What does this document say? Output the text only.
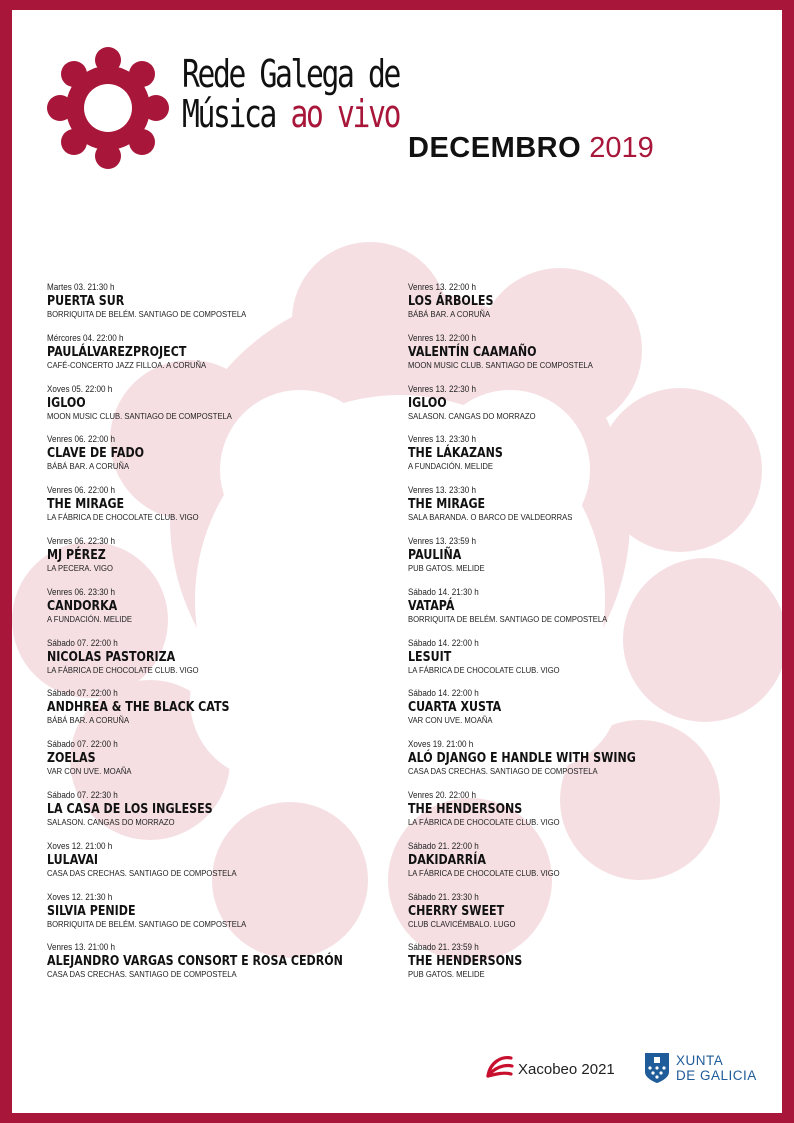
Rede Galega de
Música ao vivo
DECEMBRO 2019
Martes 03. 21:30 h
PUERTA SUR
BORRIQUITA DE BELÉM. SANTIAGO DE COMPOSTELA
Mércores 04. 22:00 h
PAULÁLVAREZPROJECT
CAFÉ-CONCERTO JAZZ FILLOA. A CORUÑA
Xoves 05. 22:00 h
IGLOO
MOON MUSIC CLUB. SANTIAGO DE COMPOSTELA
Venres 06. 22:00 h
CLAVE DE FADO
BÁBÁ BAR. A CORUÑA
Venres 06. 22:00 h
THE MIRAGE
LA FÁBRICA DE CHOCOLATE CLUB. VIGO
Venres 06. 22:30 h
MJ PÉREZ
LA PECERA. VIGO
Venres 06. 23:30 h
CANDORKA
A FUNDACIÓN. MELIDE
Sábado 07. 22:00 h
NICOLAS PASTORIZA
LA FÁBRICA DE CHOCOLATE CLUB. VIGO
Sábado 07. 22:00 h
ANDHREA & THE BLACK CATS
BÁBÁ BAR. A CORUÑA
Sábado 07. 22:00 h
ZOELAS
VAR CON UVE. MOAÑA
Sábado 07. 22:30 h
LA CASA DE LOS INGLESES
SALASON. CANGAS DO MORRAZO
Xoves 12. 21:00 h
LULAVAI
CASA DAS CRECHAS. SANTIAGO DE COMPOSTELA
Xoves 12. 21:30 h
SILVIA PENIDE
BORRIQUITA DE BELÉM. SANTIAGO DE COMPOSTELA
Venres 13. 21:00 h
ALEJANDRO VARGAS CONSORT E ROSA CEDRÓN
CASA DAS CRECHAS. SANTIAGO DE COMPOSTELA
Venres 13. 22:00 h
LOS ÁRBOLES
BÁBÁ BAR. A CORUÑA
Venres 13. 22:00 h
VALENTÍN CAAMAÑO
MOON MUSIC CLUB. SANTIAGO DE COMPOSTELA
Venres 13. 22:30 h
IGLOO
SALASON. CANGAS DO MORRAZO
Venres 13. 23:30 h
THE LÁKAZANS
A FUNDACIÓN. MELIDE
Venres 13. 23:30 h
THE MIRAGE
SALA BARANDA. O BARCO DE VALDEORRAS
Venres 13. 23:59 h
PAULIÑA
PUB GATOS. MELIDE
Sábado 14. 21:30 h
VATAPÁ
BORRIQUITA DE BELÉM. SANTIAGO DE COMPOSTELA
Sábado 14. 22:00 h
LESUIT
LA FÁBRICA DE CHOCOLATE CLUB. VIGO
Sábado 14. 22:00 h
CUARTA XUSTA
VAR CON UVE. MOAÑA
Xoves 19. 21:00 h
ALÓ DJANGO E HANDLE WITH SWING
CASA DAS CRECHAS. SANTIAGO DE COMPOSTELA
Venres 20. 22:00 h
THE HENDERSONS
LA FÁBRICA DE CHOCOLATE CLUB. VIGO
Sábado 21. 22:00 h
DAKIDARRÍA
LA FÁBRICA DE CHOCOLATE CLUB. VIGO
Sábado 21. 23:30 h
CHERRY SWEET
CLUB CLAVICÉMBALO. LUGO
Sábado 21. 23:59 h
THE HENDERSONS
PUB GATOS. MELIDE
Xacobeo 2021
XUNTA
DE GALICIA
